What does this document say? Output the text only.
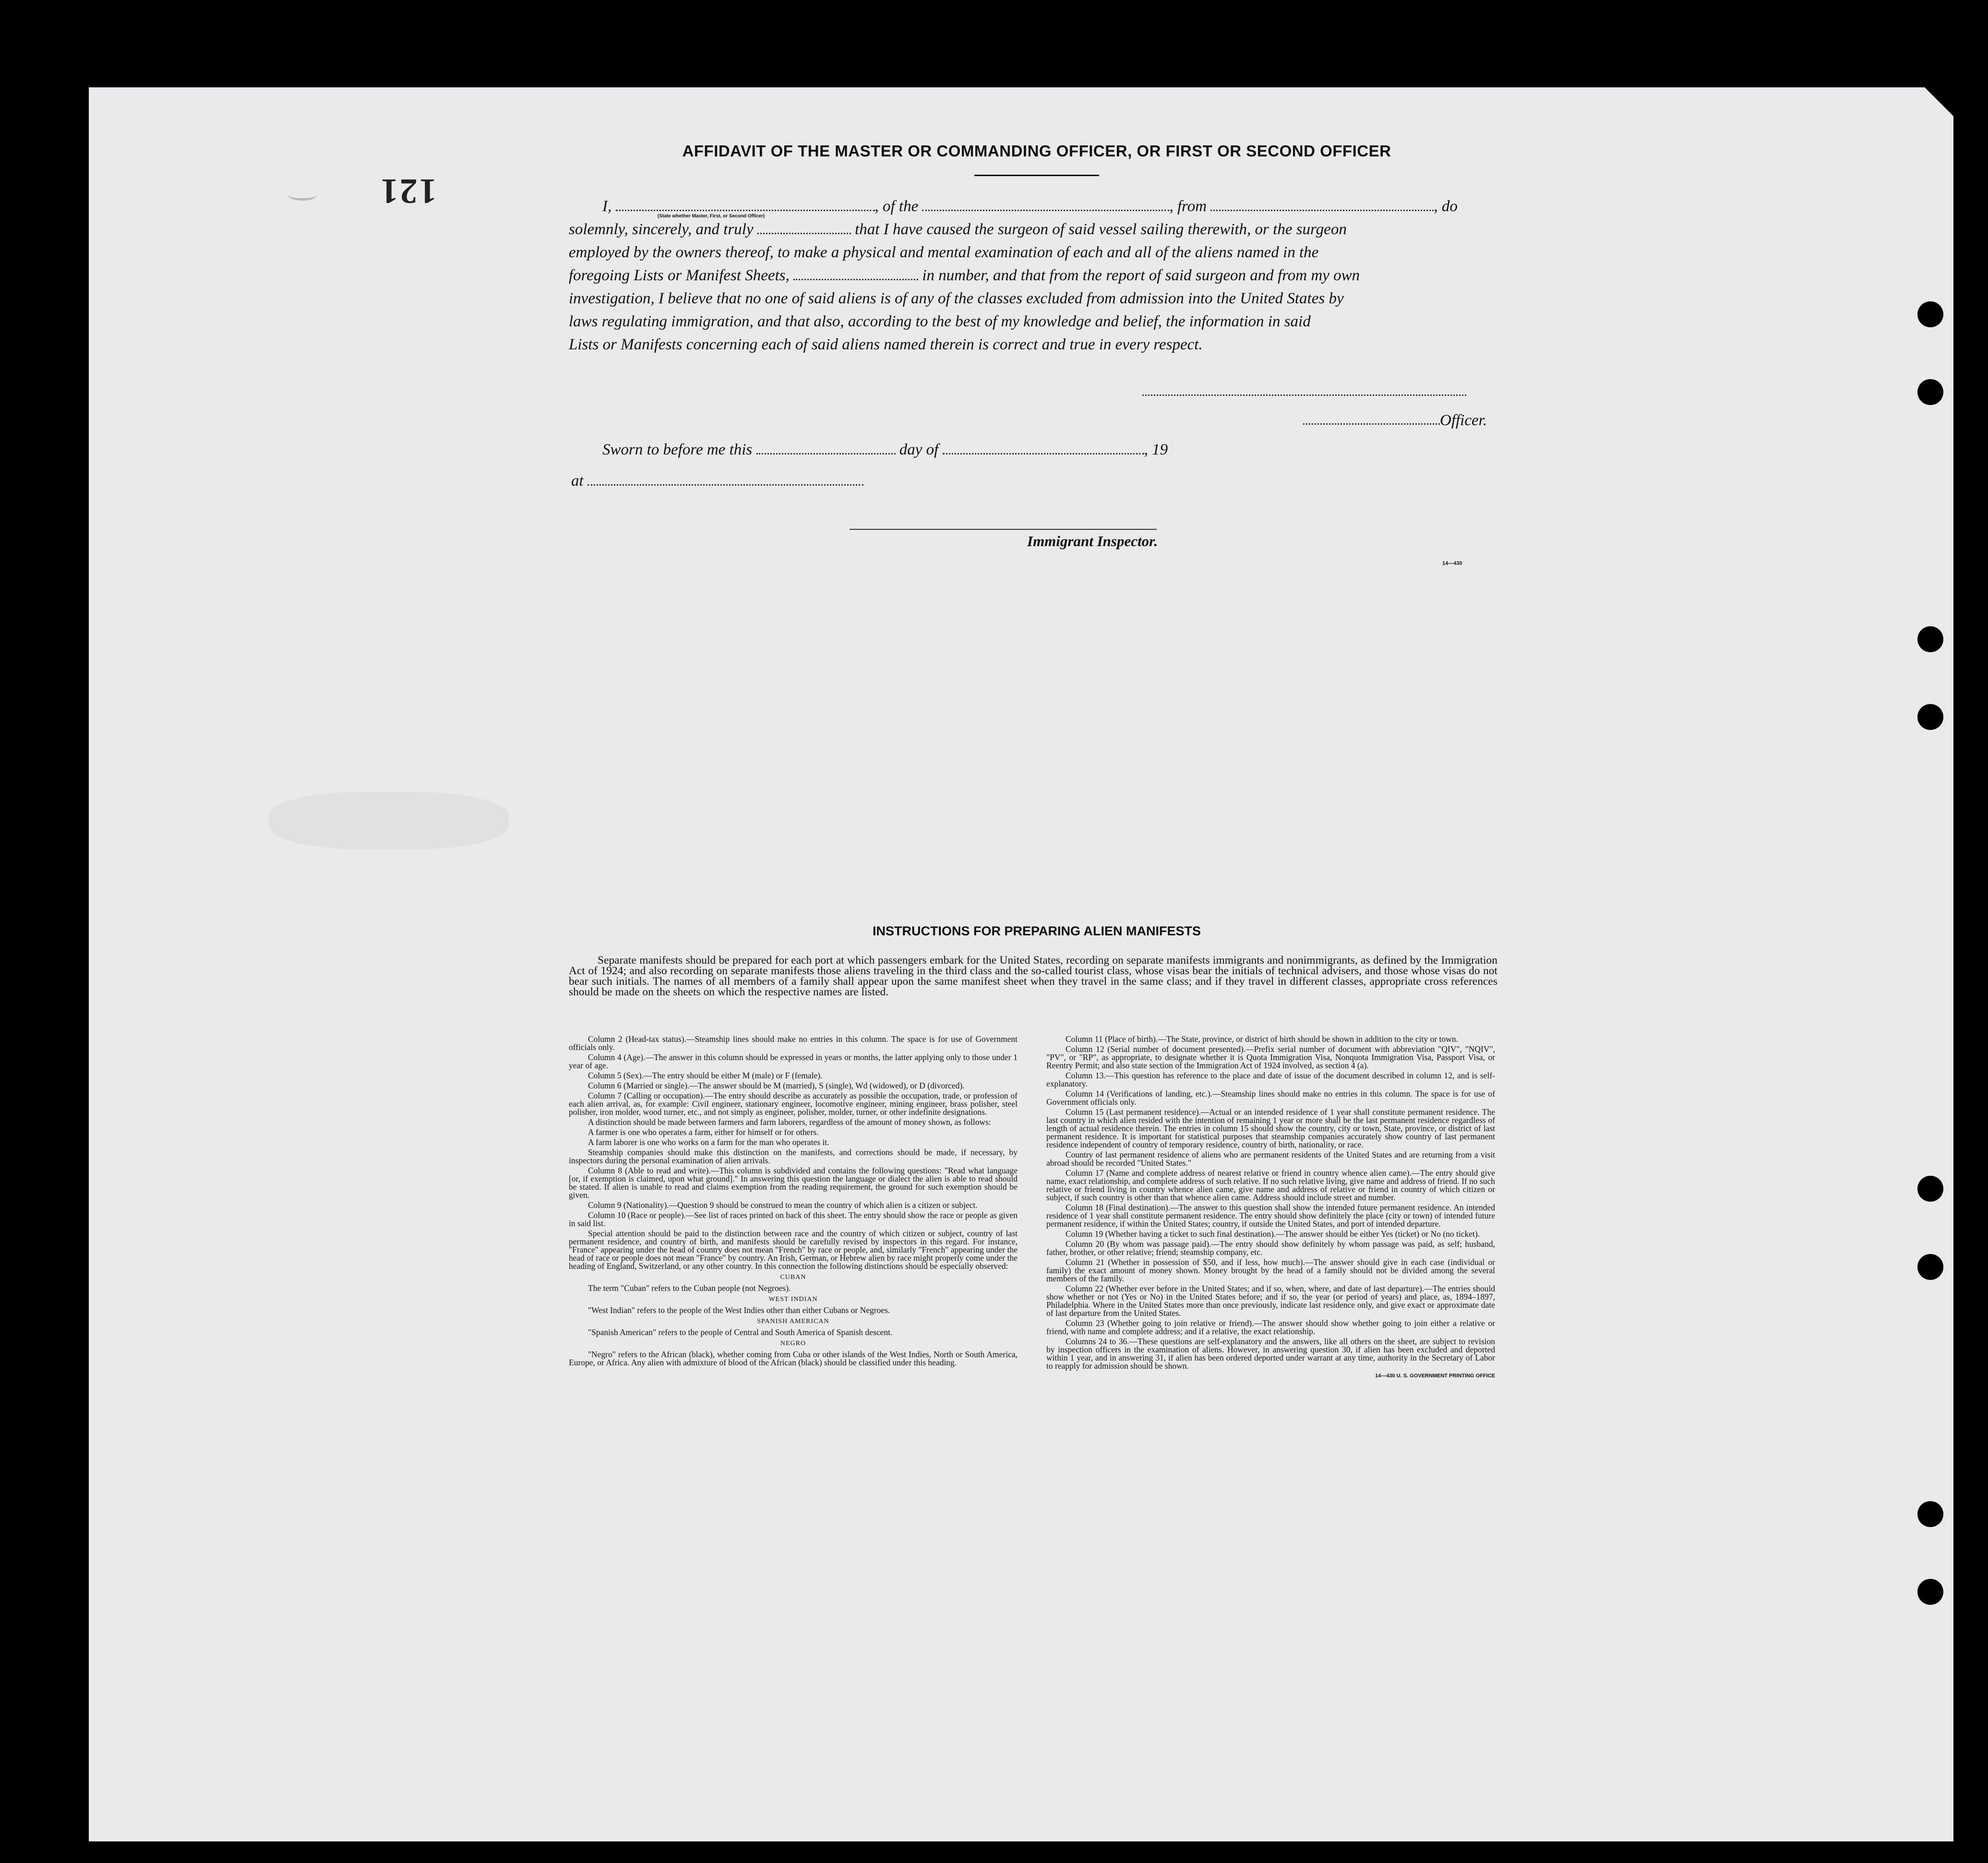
121
AFFIDAVIT OF THE MASTER OR COMMANDING OFFICER, OR FIRST OR SECOND OFFICER
I,	, of the	, from	, do
solemnly, sincerely, and truly	that I have caused the surgeon of said vessel sailing therewith, or the surgeon
employed by the owners thereof, to make a physical and mental examination of each and all of the aliens named in the
foregoing Lists or Manifest Sheets,	in number, and that from the report of said surgeon and from my own
investigation, I believe that no one of said aliens is of any of the classes excluded from admission into the United States by
laws regulating immigration, and that also, according to the best of my knowledge and belief, the information in said
Lists or Manifests concerning each of said aliens named therein is correct and true in every respect.
(State whether Master, First, or Second Officer)
Officer.
Sworn to before me this	day of	, 19
at
Immigrant Inspector.
14—430
INSTRUCTIONS FOR PREPARING ALIEN MANIFESTS
Separate manifests should be prepared for each port at which passengers embark for the United States, recording on separate manifests immigrants and nonimmigrants, as defined by the Immigration Act of 1924; and also recording on separate manifests those aliens traveling in the third class and the so-called tourist class, whose visas bear the initials of technical advisers, and those whose visas do not bear such initials. The names of all members of a family shall appear upon the same manifest sheet when they travel in the same class; and if they travel in different classes, appropriate cross references should be made on the sheets on which the respective names are listed.

Column 2 (Head-tax status).—Steamship lines should make no entries in this column. The space is for use of Government officials only.

Column 4 (Age).—The answer in this column should be expressed in years or months, the latter applying only to those under 1 year of age.

Column 5 (Sex).—The entry should be either M (male) or F (female).

Column 6 (Married or single).—The answer should be M (married), S (single), Wd (widowed), or D (divorced).

Column 7 (Calling or occupation).—The entry should describe as accurately as possible the occupation, trade, or profession of each alien arrival, as, for example: Civil engineer, stationary engineer, locomotive engineer, mining engineer, brass polisher, steel polisher, iron molder, wood turner, etc., and not simply as engineer, polisher, molder, turner, or other indefinite designations.

A distinction should be made between farmers and farm laborers, regardless of the amount of money shown, as follows:

A farmer is one who operates a farm, either for himself or for others.

A farm laborer is one who works on a farm for the man who operates it.

Steamship companies should make this distinction on the manifests, and corrections should be made, if necessary, by inspectors during the personal examination of alien arrivals.

Column 8 (Able to read and write).—This column is subdivided and contains the following questions: "Read what language [or, if exemption is claimed, upon what ground]." In answering this question the language or dialect the alien is able to read should be stated. If alien is unable to read and claims exemption from the reading requirement, the ground for such exemption should be given.

Column 9 (Nationality).—Question 9 should be construed to mean the country of which alien is a citizen or subject.

Column 10 (Race or people).—See list of races printed on back of this sheet. The entry should show the race or people as given in said list.

Special attention should be paid to the distinction between race and the country of which citizen or subject, country of last permanent residence, and country of birth, and manifests should be carefully revised by inspectors in this regard. For instance, "France" appearing under the head of country does not mean "French" by race or people, and, similarly "French" appearing under the head of race or people does not mean "France" by country. An Irish, German, or Hebrew alien by race might properly come under the heading of England, Switzerland, or any other country. In this connection the following distinctions should be especially observed:

CUBAN

The term "Cuban" refers to the Cuban people (not Negroes).

WEST INDIAN

"West Indian" refers to the people of the West Indies other than either Cubans or Negroes.

SPANISH AMERICAN

"Spanish American" refers to the people of Central and South America of Spanish descent.

NEGRO

"Negro" refers to the African (black), whether coming from Cuba or other islands of the West Indies, North or South America, Europe, or Africa. Any alien with admixture of blood of the African (black) should be classified under this heading.

Column 11 (Place of birth).—The State, province, or district of birth should be shown in addition to the city or town.

Column 12 (Serial number of document presented).—Prefix serial number of document with abbreviation "QIV", "NQIV", "PV", or "RP", as appropriate, to designate whether it is Quota Immigration Visa, Nonquota Immigration Visa, Passport Visa, or Reentry Permit; and also state section of the Immigration Act of 1924 involved, as section 4 (a).

Column 13.—This question has reference to the place and date of issue of the document described in column 12, and is self-explanatory.

Column 14 (Verifications of landing, etc.).—Steamship lines should make no entries in this column. The space is for use of Government officials only.

Column 15 (Last permanent residence).—Actual or an intended residence of 1 year shall constitute permanent residence. The last country in which alien resided with the intention of remaining 1 year or more shall be the last permanent residence regardless of length of actual residence therein. The entries in column 15 should show the country, city or town, State, province, or district of last permanent residence. It is important for statistical purposes that steamship companies accurately show country of last permanent residence independent of country of temporary residence, country of birth, nationality, or race.

Country of last permanent residence of aliens who are permanent residents of the United States and are returning from a visit abroad should be recorded "United States."

Column 17 (Name and complete address of nearest relative or friend in country whence alien came).—The entry should give name, exact relationship, and complete address of such relative. If no such relative living, give name and address of friend. If no such relative or friend living in country whence alien came, give name and address of relative or friend in country of which citizen or subject, if such country is other than that whence alien came. Address should include street and number.

Column 18 (Final destination).—The answer to this question shall show the intended future permanent residence. An intended residence of 1 year shall constitute permanent residence. The entry should show definitely the place (city or town) of intended future permanent residence, if within the United States; country, if outside the United States, and port of intended departure.

Column 19 (Whether having a ticket to such final destination).—The answer should be either Yes (ticket) or No (no ticket).

Column 20 (By whom was passage paid).—The entry should show definitely by whom passage was paid, as self; husband, father, brother, or other relative; friend; steamship company, etc.

Column 21 (Whether in possession of $50, and if less, how much).—The answer should give in each case (individual or family) the exact amount of money shown. Money brought by the head of a family should not be divided among the several members of the family.

Column 22 (Whether ever before in the United States; and if so, when, where, and date of last departure).—The entries should show whether or not (Yes or No) in the United States before; and if so, the year (or period of years) and place, as, 1894–1897, Philadelphia. Where in the United States more than once previously, indicate last residence only, and give exact or approximate date of last departure from the United States.

Column 23 (Whether going to join relative or friend).—The answer should show whether going to join either a relative or friend, with name and complete address; and if a relative, the exact relationship.

Columns 24 to 36.—These questions are self-explanatory and the answers, like all others on the sheet, are subject to revision by inspection officers in the examination of aliens. However, in answering question 30, if alien has been excluded and deported within 1 year, and in answering 31, if alien has been ordered deported under warrant at any time, authority in the Secretary of Labor to reapply for admission should be shown.

14—430 U. S. GOVERNMENT PRINTING OFFICE
